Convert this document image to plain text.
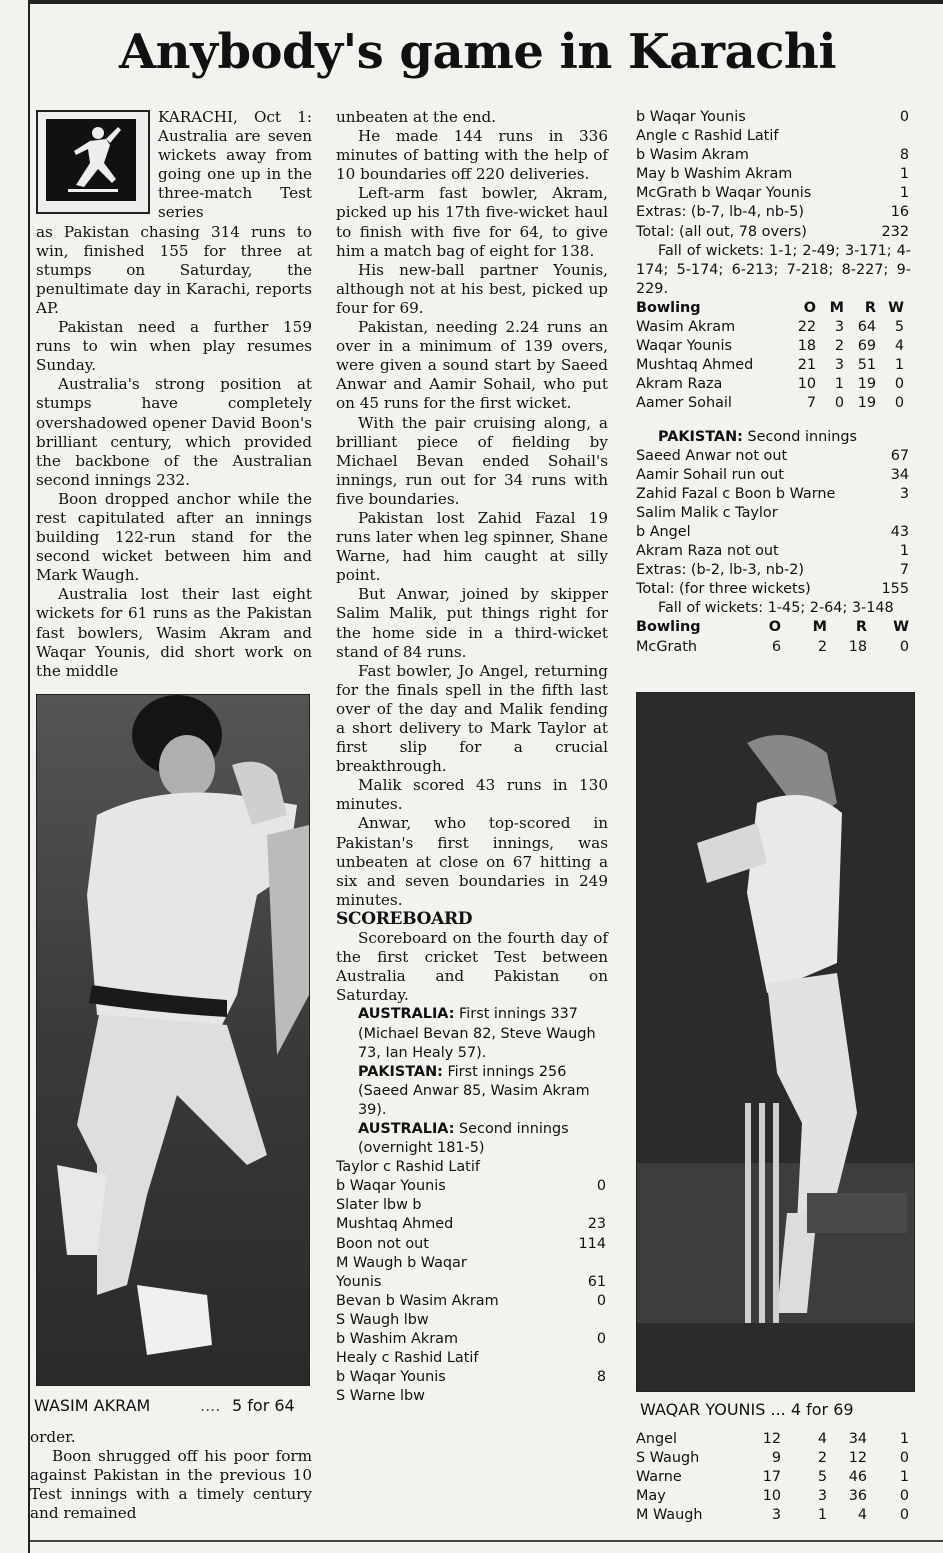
Anybody's game in Karachi

KARACHI, Oct 1: Australia are seven wickets away from going one up in the three-match Test series

as Pakistan chasing 314 runs to win, finished 155 for three at stumps on Saturday, the penultimate day in Karachi, reports AP.

Pakistan need a further 159 runs to win when play resumes Sunday.

Australia's strong position at stumps have completely overshadowed opener David Boon's brilliant century, which provided the backbone of the Australian second innings 232.

Boon dropped anchor while the rest capitulated after an innings building 122-run stand for the second wicket between him and Mark Waugh.

Australia lost their last eight wickets for 61 runs as the Pakistan fast bowlers, Wasim Akram and Waqar Younis, did short work on the middle

WASIM AKRAM	.... 5 for 64

order.

Boon shrugged off his poor form against Pakistan in the previous 10 Test innings with a timely century and remained

unbeaten at the end.

He made 144 runs in 336 minutes of batting with the help of 10 boundaries off 220 deliveries.

Left-arm fast bowler, Akram, picked up his 17th five-wicket haul to finish with five for 64, to give him a match bag of eight for 138.

His new-ball partner Younis, although not at his best, picked up four for 69.

Pakistan, needing 2.24 runs an over in a minimum of 139 overs, were given a sound start by Saeed Anwar and Aamir Sohail, who put on 45 runs for the first wicket.

With the pair cruising along, a brilliant piece of fielding by Michael Bevan ended Sohail's innings, run out for 34 runs with five boundaries.

Pakistan lost Zahid Fazal 19 runs later when leg spinner, Shane Warne, had him caught at silly point.

But Anwar, joined by skipper Salim Malik, put things right for the home side in a third-wicket stand of 84 runs.

Fast bowler, Jo Angel, returning for the finals spell in the fifth last over of the day and Malik fending a short delivery to Mark Taylor at first slip for a crucial breakthrough.

Malik scored 43 runs in 130 minutes.

Anwar, who top-scored in Pakistan's first innings, was unbeaten at close on 67 hitting a six and seven boundaries in 249 minutes.

SCOREBOARD

Scoreboard on the fourth day of the first cricket Test between Australia and Pakistan on Saturday.

AUSTRALIA: First innings 337 (Michael Bevan 82, Steve Waugh 73, Ian Healy 57).
PAKISTAN: First innings 256 (Saeed Anwar 85, Wasim Akram 39).
AUSTRALIA: Second innings (overnight 181-5)
Taylor c Rashid Latif
b Waqar Younis	0
Slater lbw b
Mushtaq Ahmed	23
Boon not out	114
M Waugh b Waqar
Younis	61
Bevan b Wasim Akram	0
S Waugh lbw
b Washim Akram	0
Healy c Rashid Latif
b Waqar Younis	8
S Warne lbw
b Waqar Younis	0
Angle c Rashid Latif
b Wasim Akram	8
May b Washim Akram	1
McGrath b Waqar Younis	1
Extras: (b-7, lb-4, nb-5)	16
Total: (all out, 78 overs)	232

Fall of wickets: 1-1; 2-49; 3-171; 4-174; 5-174; 6-213; 7-218; 8-227; 9-229.

Bowling	O M	R W
Wasim Akram	22	3 64	5
Waqar Younis	18	2 69	4
Mushtaq Ahmed	21	3 51	1
Akram Raza	10	1 19	0
Aamer Sohail	7	0 19	0
PAKISTAN: Second innings
Saeed Anwar not out	67
Aamir Sohail run out	34
Zahid Fazal c Boon b Warne	3
Salim Malik c Taylor
b Angel	43
Akram Raza not out	1
Extras: (b-2, lb-3, nb-2)	7
Total: (for three wickets)	155

Fall of wickets: 1-45; 2-64; 3-148

Bowling	O	M	R	W
McGrath	6	2	18	0
WAQAR YOUNIS ... 4 for 69
Angel	12	4	34	1
S Waugh	9	2	12	0
Warne	17	5	46	1
May	10	3	36	0
M Waugh	3	1	4	0
